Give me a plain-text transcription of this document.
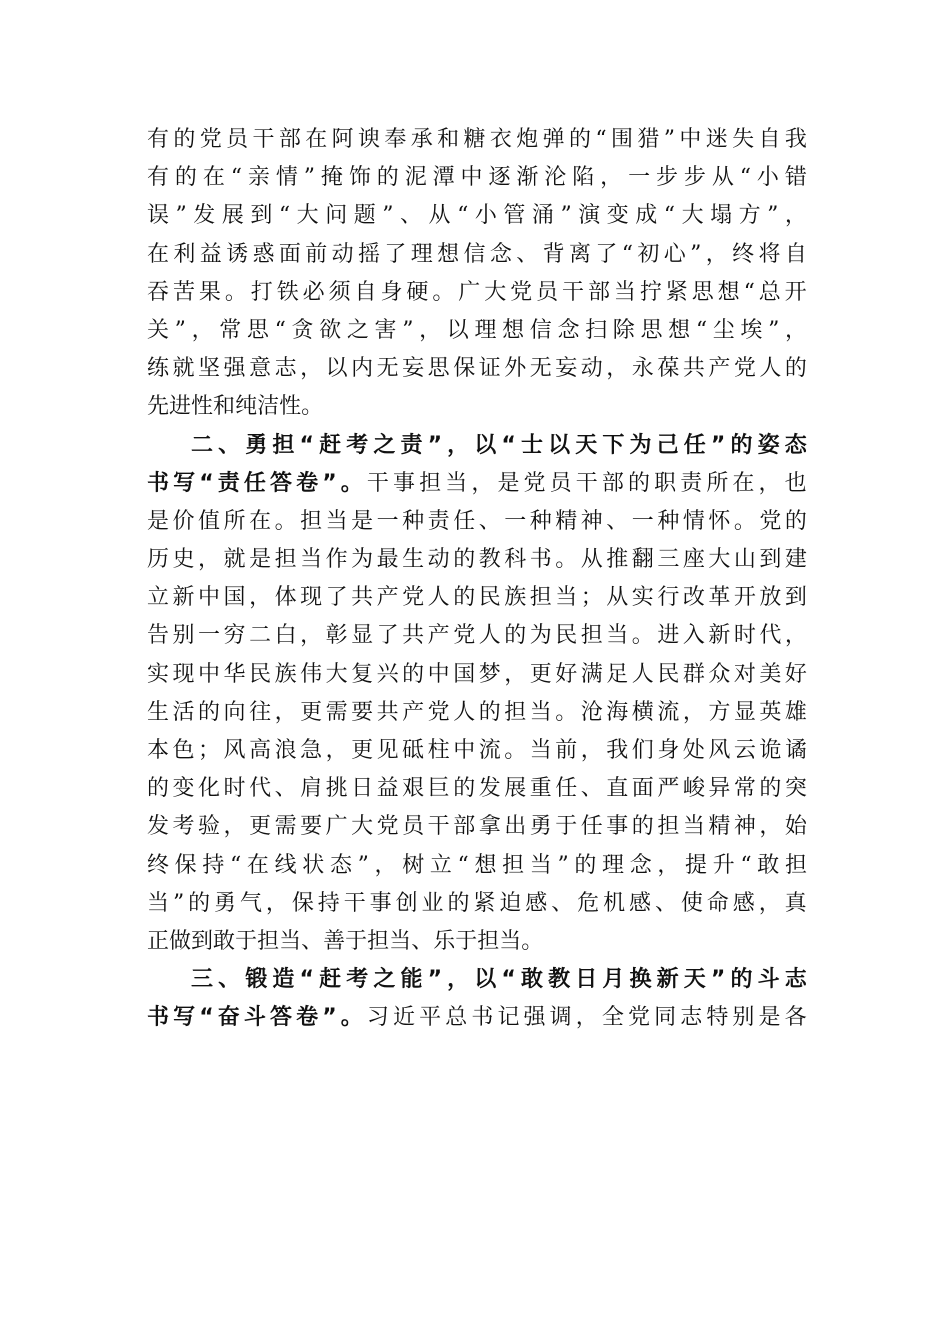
有 的 党 员 干 部 在 阿 谀 奉 承 和 糖 衣 炮 弹 的 “ 围 猎 ” 中 迷 失 自 我
有 的 在 “ 亲 情 ” 掩 饰 的 泥 潭 中 逐 渐 沦 陷 ， 一 步 步 从 “ 小 错
误 ” 发 展 到 “ 大 问 题 ” 、 从 “ 小 管 涌 ” 演 变 成 “ 大 塌 方 ” ，
在 利 益 诱 惑 面 前 动 摇 了 理 想 信 念 、 背 离 了 “ 初 心 ” ， 终 将 自
吞 苦 果 。 打 铁 必 须 自 身 硬 。 广 大 党 员 干 部 当 拧 紧 思 想 “ 总 开
关 ” ， 常 思 “ 贪 欲 之 害 ” ， 以 理 想 信 念 扫 除 思 想 “ 尘 埃 ” ，
练 就 坚 强 意 志 ， 以 内 无 妄 思 保 证 外 无 妄 动 ， 永 葆 共 产 党 人 的
先 进 性 和 纯 洁 性 。
二 、 勇 担 “ 赶 考 之 责 ” ， 以 “ 士 以 天 下 为 己 任 ” 的 姿 态
书 写 “ 责 任 答 卷 ” 。 干 事 担 当 ， 是 党 员 干 部 的 职 责 所 在 ， 也
是 价 值 所 在 。 担 当 是 一 种 责 任 、 一 种 精 神 、 一 种 情 怀 。 党 的
历 史 ， 就 是 担 当 作 为 最 生 动 的 教 科 书 。 从 推 翻 三 座 大 山 到 建
立 新 中 国 ， 体 现 了 共 产 党 人 的 民 族 担 当 ； 从 实 行 改 革 开 放 到
告 别 一 穷 二 白 ， 彰 显 了 共 产 党 人 的 为 民 担 当 。 进 入 新 时 代 ，
实 现 中 华 民 族 伟 大 复 兴 的 中 国 梦 ， 更 好 满 足 人 民 群 众 对 美 好
生 活 的 向 往 ， 更 需 要 共 产 党 人 的 担 当 。 沧 海 横 流 ， 方 显 英 雄
本 色 ； 风 高 浪 急 ， 更 见 砥 柱 中 流 。 当 前 ， 我 们 身 处 风 云 诡 谲
的 变 化 时 代 、 肩 挑 日 益 艰 巨 的 发 展 重 任 、 直 面 严 峻 异 常 的 突
发 考 验 ， 更 需 要 广 大 党 员 干 部 拿 出 勇 于 任 事 的 担 当 精 神 ， 始
终 保 持 “ 在 线 状 态 ” ， 树 立 “ 想 担 当 ” 的 理 念 ， 提 升 “ 敢 担
当 ” 的 勇 气 ， 保 持 干 事 创 业 的 紧 迫 感 、 危 机 感 、 使 命 感 ， 真
正 做 到 敢 于 担 当 、 善 于 担 当 、 乐 于 担 当 。
三 、 锻 造 “ 赶 考 之 能 ” ， 以 “ 敢 教 日 月 换 新 天 ” 的 斗 志
书 写 “ 奋 斗 答 卷 ” 。 习 近 平 总 书 记 强 调 ， 全 党 同 志 特 别 是 各
